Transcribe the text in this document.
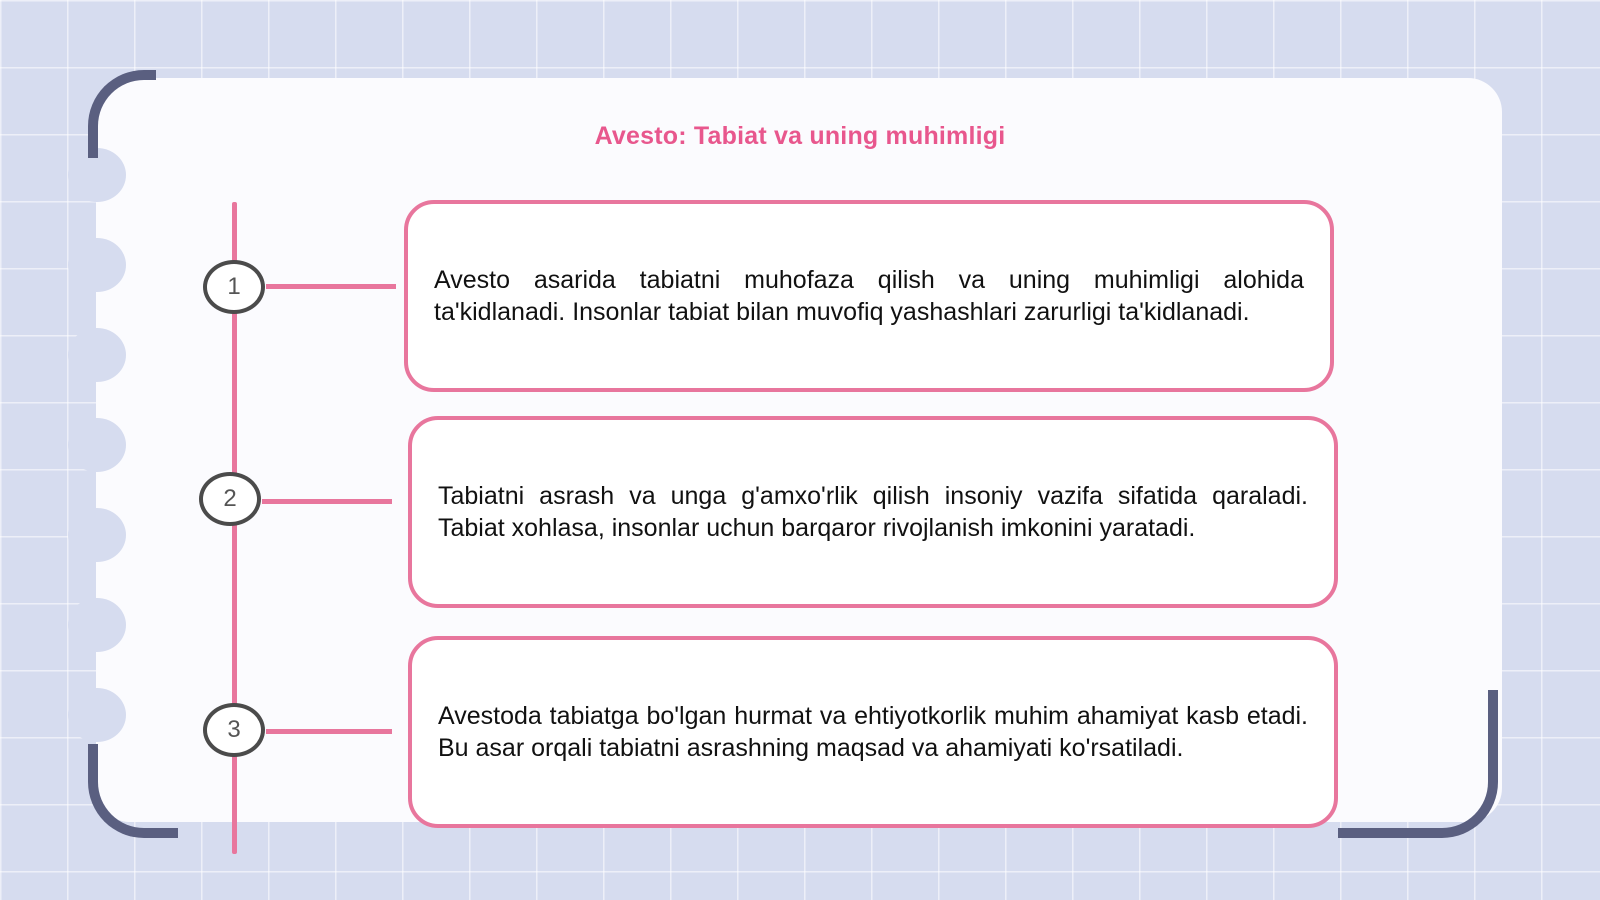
Avesto: Tabiat va uning muhimligi
1
2
3

Avesto asarida tabiatni muhofaza qilish va uning muhimligi alohida ta'kidlanadi. Insonlar tabiat bilan muvofiq yashashlari zarurligi ta'kidlanadi.

Tabiatni asrash va unga g'amxo'rlik qilish insoniy vazifa sifatida qaraladi. Tabiat xohlasa, insonlar uchun barqaror rivojlanish imkonini yaratadi.

Avestoda tabiatga bo'lgan hurmat va ehtiyotkorlik muhim ahamiyat kasb etadi. Bu asar orqali tabiatni asrashning maqsad va ahamiyati ko'rsatiladi.
